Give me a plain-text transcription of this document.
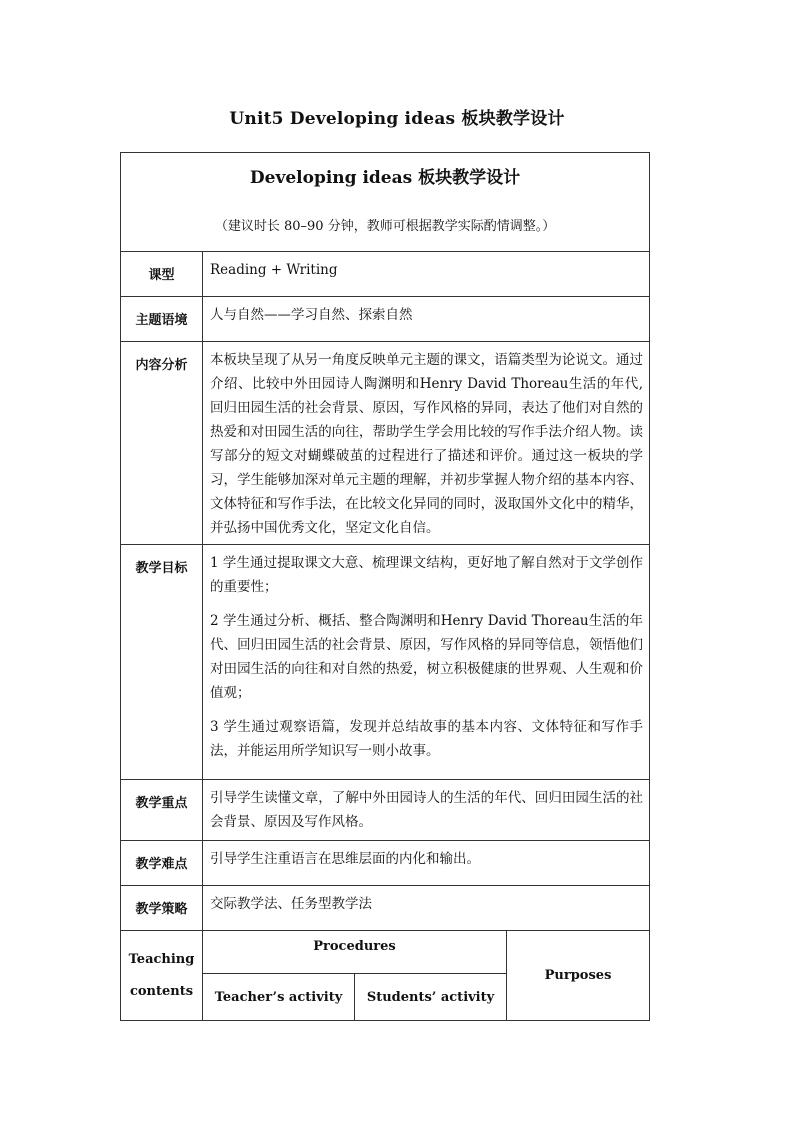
Unit5 Developing ideas 板块教学设计
Developing ideas 板块教学设计
（建议时长 80–90 分钟，教师可根据教学实际酌情调整。）			

课型	Reading + Writing		
主题语境	人与自然——学习自然、探索自然		
内容分析	本板块呈现了从另一角度反映单元主题的课文，语篇类型为论说文。通过介绍、比较中外田园诗人陶渊明和Henry David Thoreau生活的年代,回归田园生活的社会背景、原因，写作风格的异同，表达了他们对自然的热爱和对田园生活的向往，帮助学生学会用比较的写作手法介绍人物。读写部分的短文对蝴蝶破茧的过程进行了描述和评价。通过这一板块的学习，学生能够加深对单元主题的理解，并初步掌握人物介绍的基本内容、文体特征和写作手法，在比较文化异同的同时，汲取国外文化中的精华，并弘扬中国优秀文化，坚定文化自信。		
教学目标	1 学生通过提取课文大意、梳理课文结构，更好地了解自然对于文学创作的重要性；

2 学生通过分析、概括、整合陶渊明和Henry David Thoreau生活的年代、回归田园生活的社会背景、原因，写作风格的异同等信息，领悟他们对田园生活的向往和对自然的热爱，树立积极健康的世界观、人生观和价值观；

3 学生通过观察语篇，发现并总结故事的基本内容、文体特征和写作手法，并能运用所学知识写一则小故事。		

教学重点	引导学生读懂文章，了解中外田园诗人的生活的年代、回归田园生活的社会背景、原因及写作风格。		
教学难点	引导学生注重语言在思维层面的内化和输出。		
教学策略	交际教学法、任务型教学法		
Teaching contents	Procedures		Purposes
	Teacher’s activity	Students’ activity	
